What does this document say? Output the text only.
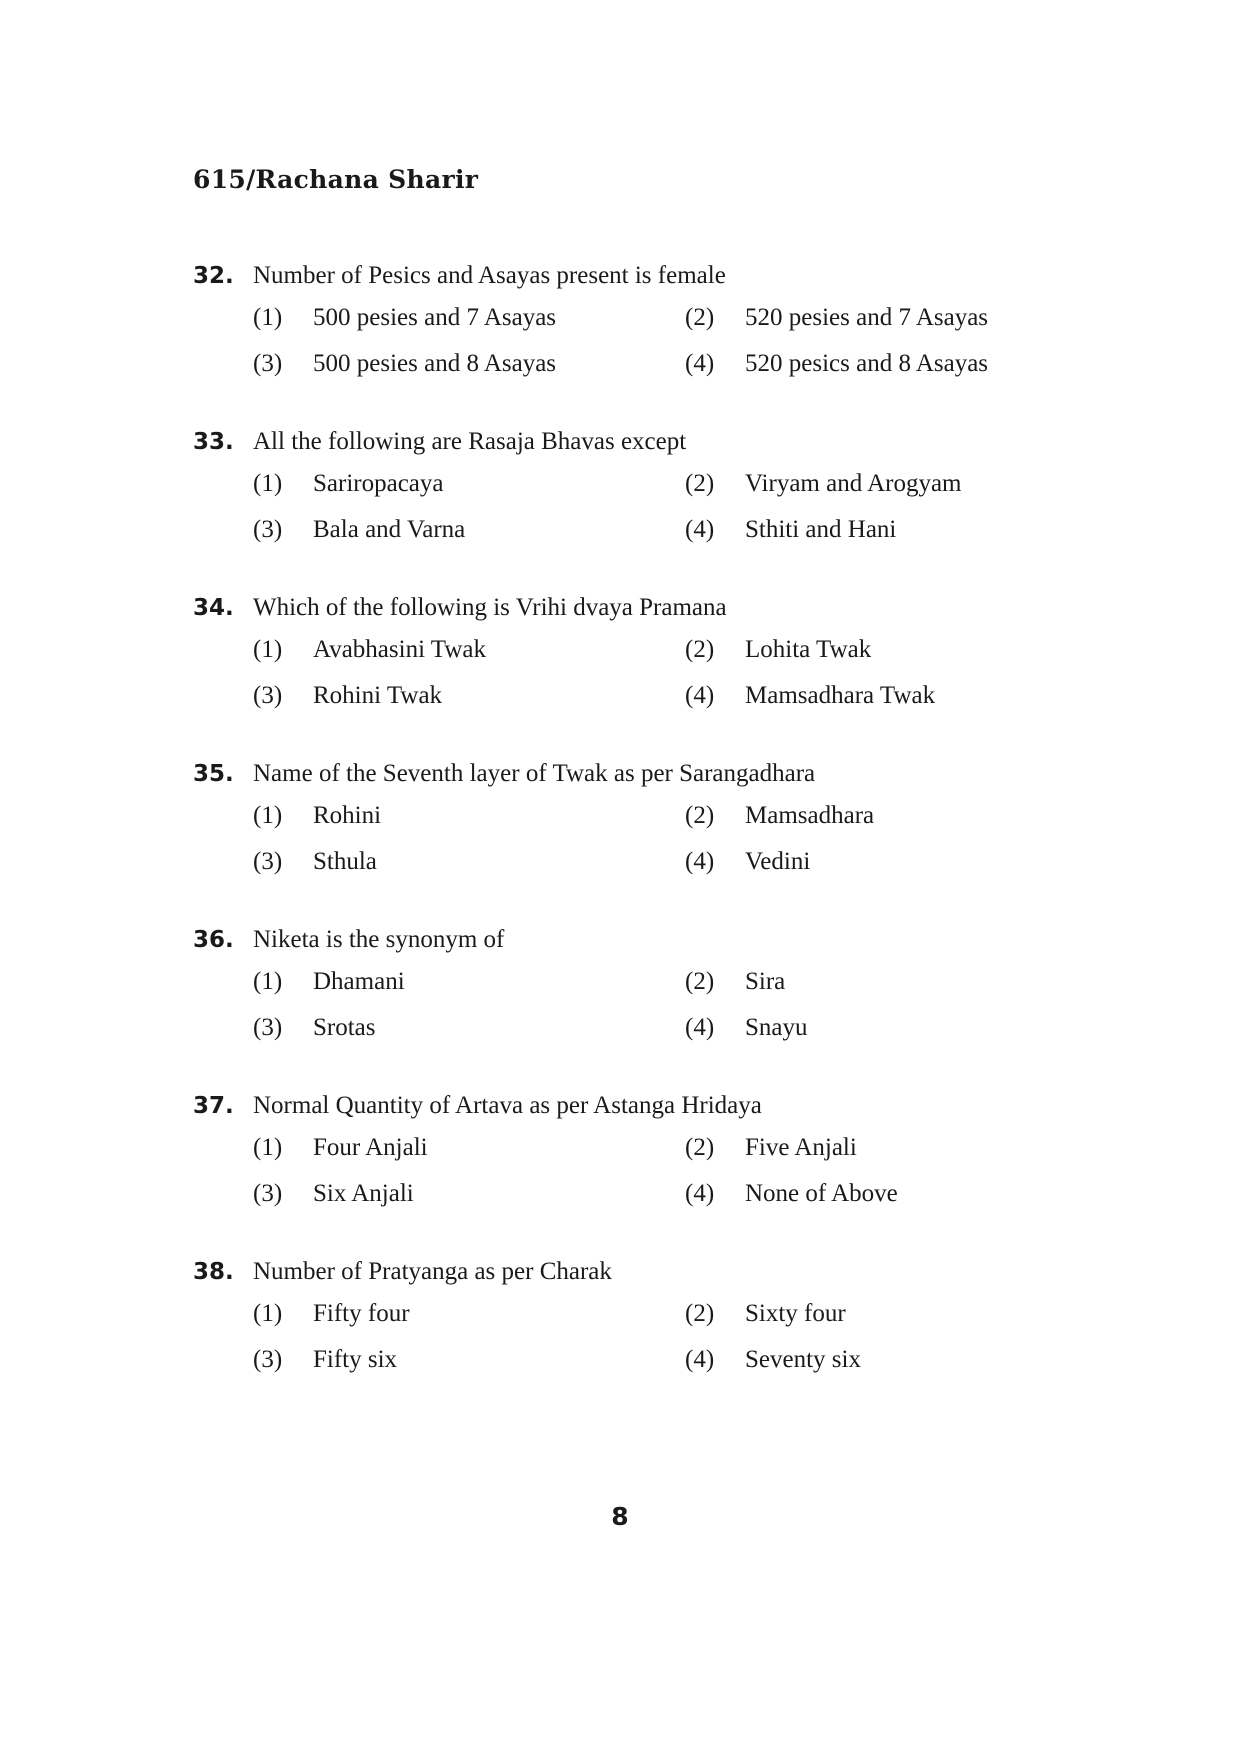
615/Rachana Sharir
32. Number of Pesics and Asayas present is female
(1)	500 pesies and 7 Asayas	(2)	520 pesies and 7 Asayas
(3)	500 pesies and 8 Asayas	(4)	520 pesics and 8 Asayas
33. All the following are Rasaja Bhavas except
(1)	Sariropacaya	(2)	Viryam and Arogyam
(3)	Bala and Varna	(4)	Sthiti and Hani
34. Which of the following is Vrihi dvaya Pramana
(1)	Avabhasini Twak	(2)	Lohita Twak
(3)	Rohini Twak	(4)	Mamsadhara Twak
35. Name of the Seventh layer of Twak as per Sarangadhara
(1)	Rohini	(2)	Mamsadhara
(3)	Sthula	(4)	Vedini
36. Niketa is the synonym of
(1)	Dhamani	(2)	Sira
(3)	Srotas	(4)	Snayu
37. Normal Quantity of Artava as per Astanga Hridaya
(1)	Four Anjali	(2)	Five Anjali
(3)	Six Anjali	(4)	None of Above
38. Number of Pratyanga as per Charak
(1)	Fifty four	(2)	Sixty four
(3)	Fifty six	(4)	Seventy six
8
